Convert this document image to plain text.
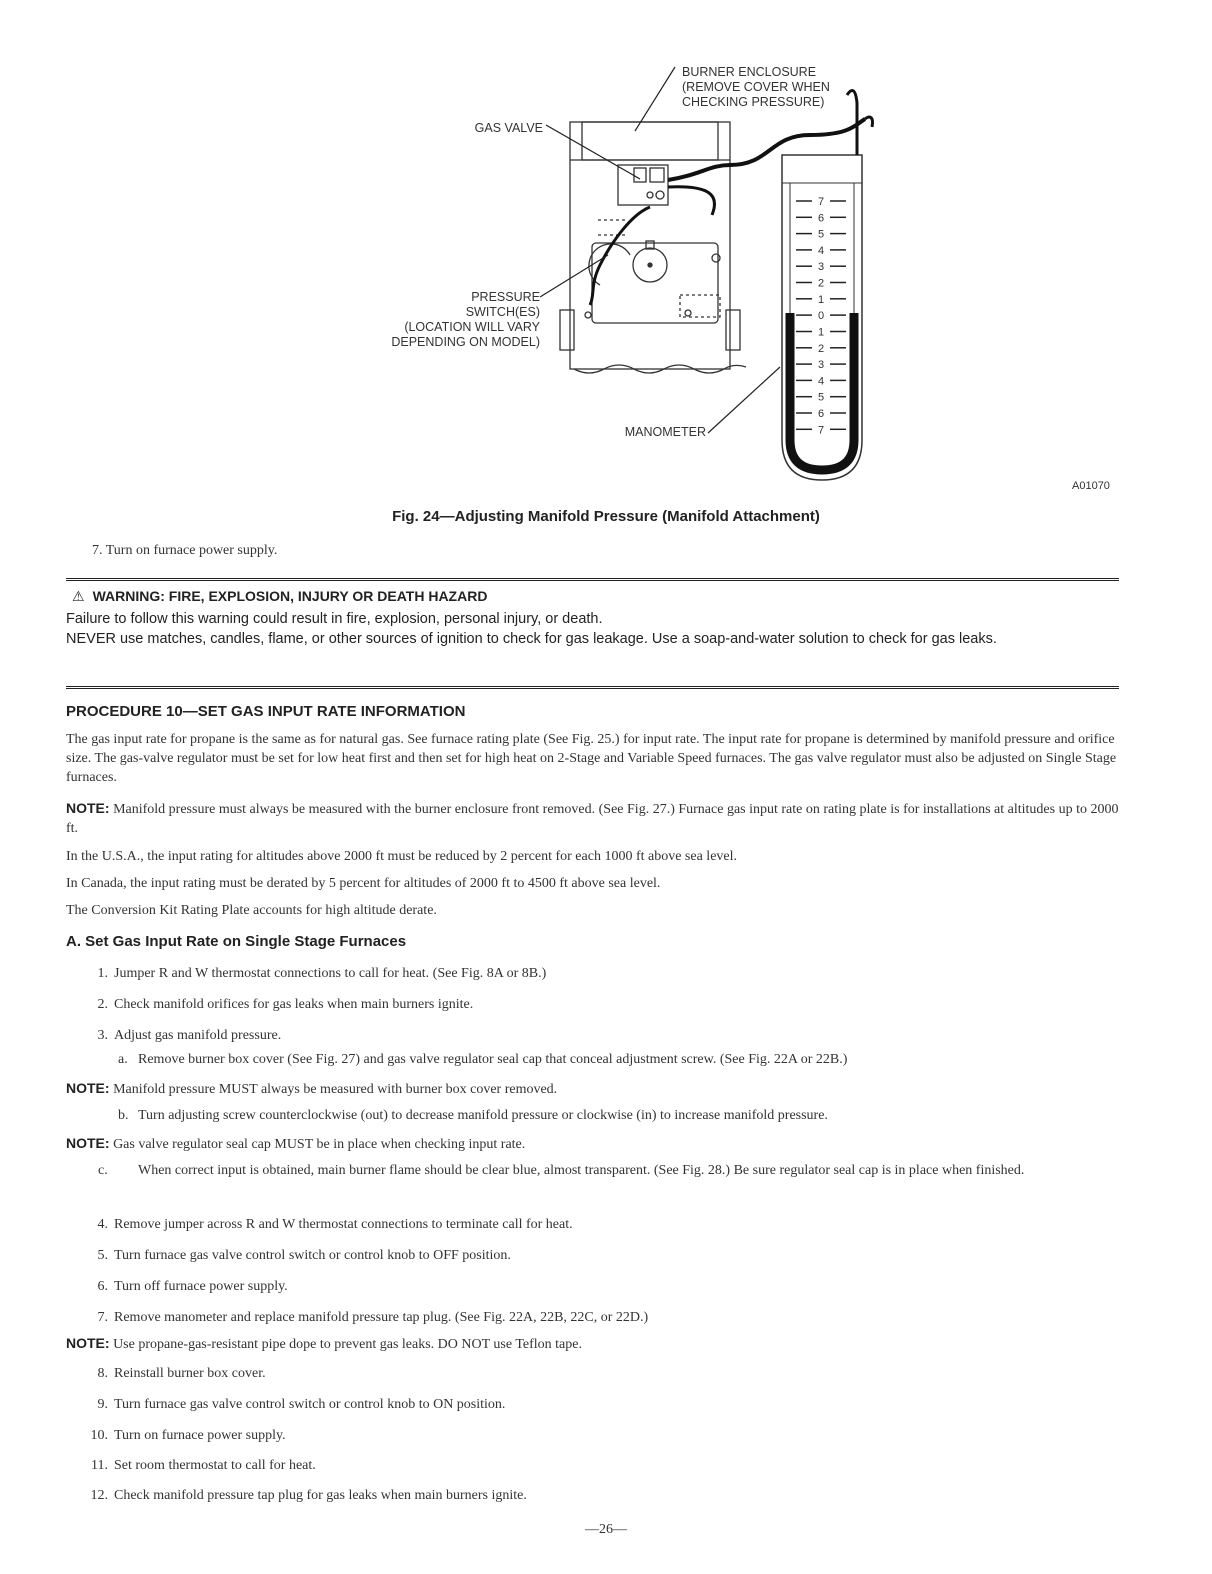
7
6
5
4
3
2
1
0
1
2
3
4
5
6
7
BURNER ENCLOSURE
(REMOVE COVER WHEN
CHECKING PRESSURE)
GAS VALVE
PRESSURE
SWITCH(ES)
(LOCATION WILL VARY
DEPENDING ON MODEL)
MANOMETER
A01070
Fig. 24—Adjusting Manifold Pressure (Manifold Attachment)
7. Turn on furnace power supply.
⚠ WARNING: FIRE, EXPLOSION, INJURY OR DEATH HAZARD
Failure to follow this warning could result in fire, explosion, personal injury, or death.
NEVER use matches, candles, flame, or other sources of ignition to check for gas leakage. Use a soap-and-water solution to check for gas leaks.
PROCEDURE 10—SET GAS INPUT RATE INFORMATION
The gas input rate for propane is the same as for natural gas. See furnace rating plate (See Fig. 25.) for input rate. The input rate for propane is determined by manifold pressure and orifice size. The gas-valve regulator must be set for low heat first and then set for high heat on 2-Stage and Variable Speed furnaces. The gas valve regulator must also be adjusted on Single Stage furnaces.
NOTE: Manifold pressure must always be measured with the burner enclosure front removed. (See Fig. 27.) Furnace gas input rate on rating plate is for installations at altitudes up to 2000 ft.
In the U.S.A., the input rating for altitudes above 2000 ft must be reduced by 2 percent for each 1000 ft above sea level.
In Canada, the input rating must be derated by 5 percent for altitudes of 2000 ft to 4500 ft above sea level.
The Conversion Kit Rating Plate accounts for high altitude derate.
A. Set Gas Input Rate on Single Stage Furnaces
1. Jumper R and W thermostat connections to call for heat. (See Fig. 8A or 8B.)
2. Check manifold orifices for gas leaks when main burners ignite.
3. Adjust gas manifold pressure.
a. Remove burner box cover (See Fig. 27) and gas valve regulator seal cap that conceal adjustment screw. (See Fig. 22A or 22B.)
NOTE: Manifold pressure MUST always be measured with burner box cover removed.
b. Turn adjusting screw counterclockwise (out) to decrease manifold pressure or clockwise (in) to increase manifold pressure.
NOTE: Gas valve regulator seal cap MUST be in place when checking input rate.
c. When correct input is obtained, main burner flame should be clear blue, almost transparent. (See Fig. 28.) Be sure regulator seal cap is in place when finished.
4. Remove jumper across R and W thermostat connections to terminate call for heat.
5. Turn furnace gas valve control switch or control knob to OFF position.
6. Turn off furnace power supply.
7. Remove manometer and replace manifold pressure tap plug. (See Fig. 22A, 22B, 22C, or 22D.)
NOTE: Use propane-gas-resistant pipe dope to prevent gas leaks. DO NOT use Teflon tape.
8. Reinstall burner box cover.
9. Turn furnace gas valve control switch or control knob to ON position.
10. Turn on furnace power supply.
11. Set room thermostat to call for heat.
12. Check manifold pressure tap plug for gas leaks when main burners ignite.
—26—
